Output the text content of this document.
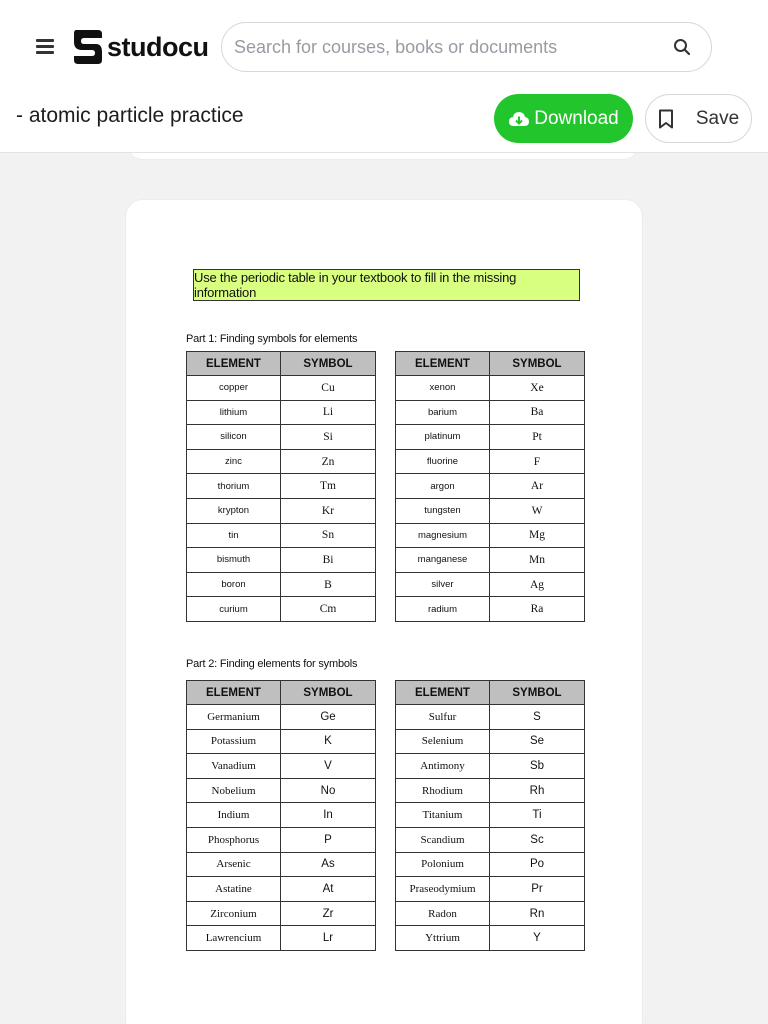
studocu
Search for courses, books or documents
- atomic particle practice	Download	Save
Use the periodic table in your textbook to fill in the missing information
Part 1: Finding symbols for elements
Part 2: Finding elements for symbols
ELEMENT	SYMBOL
copper	Cu
lithium	Li
silicon	Si
zinc	Zn
thorium	Tm
krypton	Kr
tin	Sn
bismuth	Bi
boron	B
curium	Cm
ELEMENT	SYMBOL
xenon	Xe
barium	Ba
platinum	Pt
fluorine	F
argon	Ar
tungsten	W
magnesium	Mg
manganese	Mn
silver	Ag
radium	Ra
ELEMENT	SYMBOL
Germanium	Ge
Potassium	K
Vanadium	V
Nobelium	No
Indium	In
Phosphorus	P
Arsenic	As
Astatine	At
Zirconium	Zr
Lawrencium	Lr
ELEMENT	SYMBOL
Sulfur	S
Selenium	Se
Antimony	Sb
Rhodium	Rh
Titanium	Ti
Scandium	Sc
Polonium	Po
Praseodymium	Pr
Radon	Rn
Yttrium	Y
